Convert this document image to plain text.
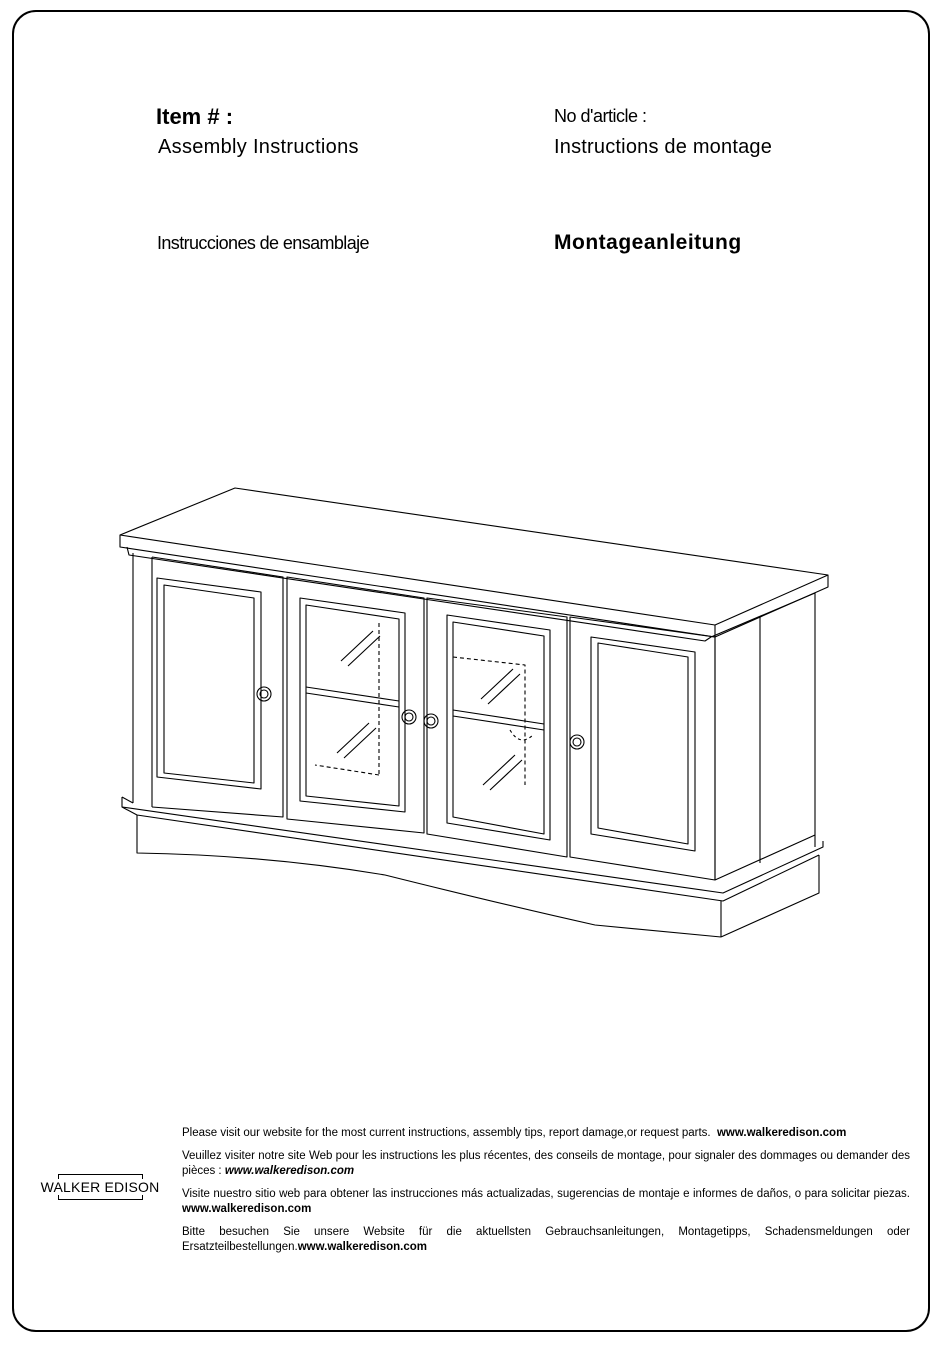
Item # :	No d'article :
Assembly Instructions	Instructions de montage
Instrucciones de ensamblaje	Montageanleitung
WALKER EDISON

Please visit our website for the most current instructions, assembly tips, report damage,or request parts. www.walkeredison.com

Veuillez visiter notre site Web pour les instructions les plus récentes, des conseils de montage, pour signaler des dommages ou demander des pièces : www.walkeredison.com

Visite nuestro sitio web para obtener las instrucciones más actualizadas, sugerencias de montaje e informes de daños, o para solicitar piezas. www.walkeredison.com

Bitte besuchen Sie unsere Website für die aktuellsten Gebrauchsanleitungen, Montagetipps, Schadensmeldungen oder Ersatzteilbestellungen.www.walkeredison.com
